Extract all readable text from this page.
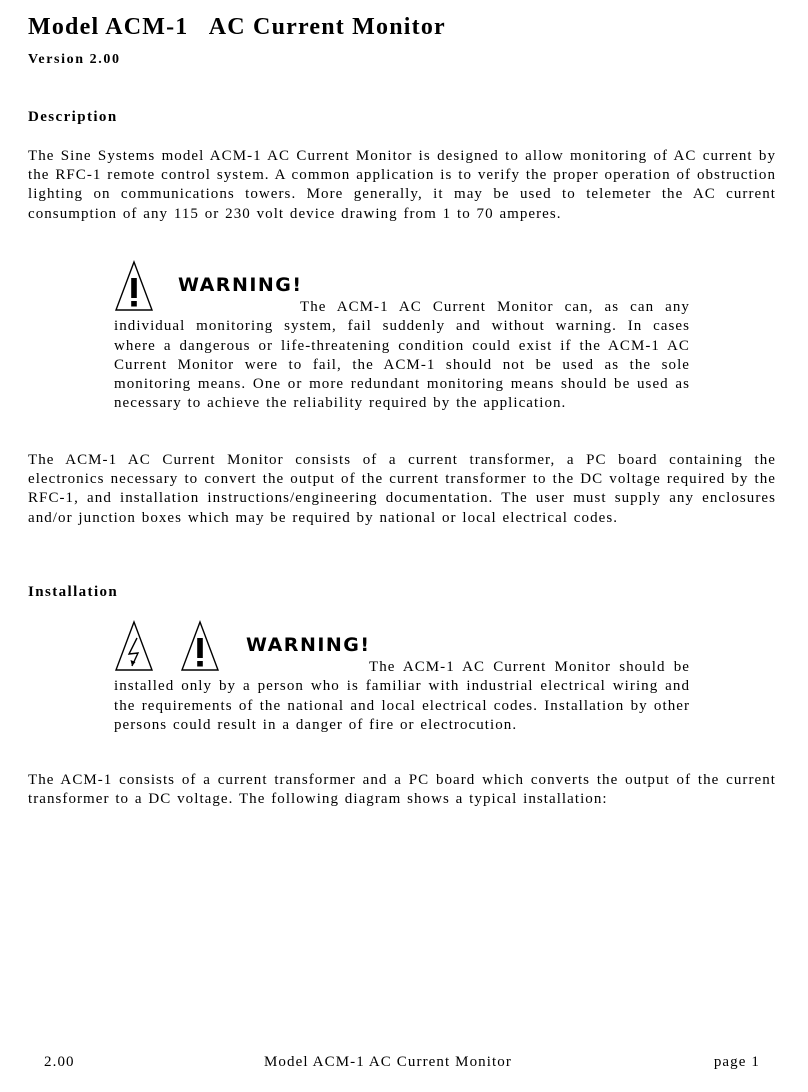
Model ACM-1   AC Current Monitor
Version 2.00
Description

The Sine Systems model ACM-1 AC Current Monitor is designed to allow monitoring of AC current by the RFC-1 remote control system. A common application is to verify the proper operation of obstruction lighting on communications towers. More generally, it may be used to telemeter the AC current consumption of any 115 or 230 volt device drawing from 1 to 70 amperes.

WARNING!

The ACM-1 AC Current Monitor can, as can any individual monitoring system, fail suddenly and without warning. In cases where a dangerous or life-threatening condition could exist if the ACM-1 AC Current Monitor were to fail, the ACM-1 should not be used as the sole monitoring means. One or more redundant monitoring means should be used as necessary to achieve the reliability required by the application.

The ACM-1 AC Current Monitor consists of a current transformer, a PC board containing the electronics necessary to convert the output of the current transformer to the DC voltage required by the RFC-1, and installation instructions/engineering documentation. The user must supply any enclosures and/or junction boxes which may be required by national or local electrical codes.

Installation
WARNING!

The ACM-1 AC Current Monitor should be installed only by a person who is familiar with industrial electrical wiring and the requirements of the national and local electrical codes. Installation by other persons could result in a danger of fire or electrocution.

The ACM-1 consists of a current transformer and a PC board which converts the output of the current transformer to a DC voltage. The following diagram shows a typical installation:

2.00	Model ACM-1 AC Current Monitor	page 1
